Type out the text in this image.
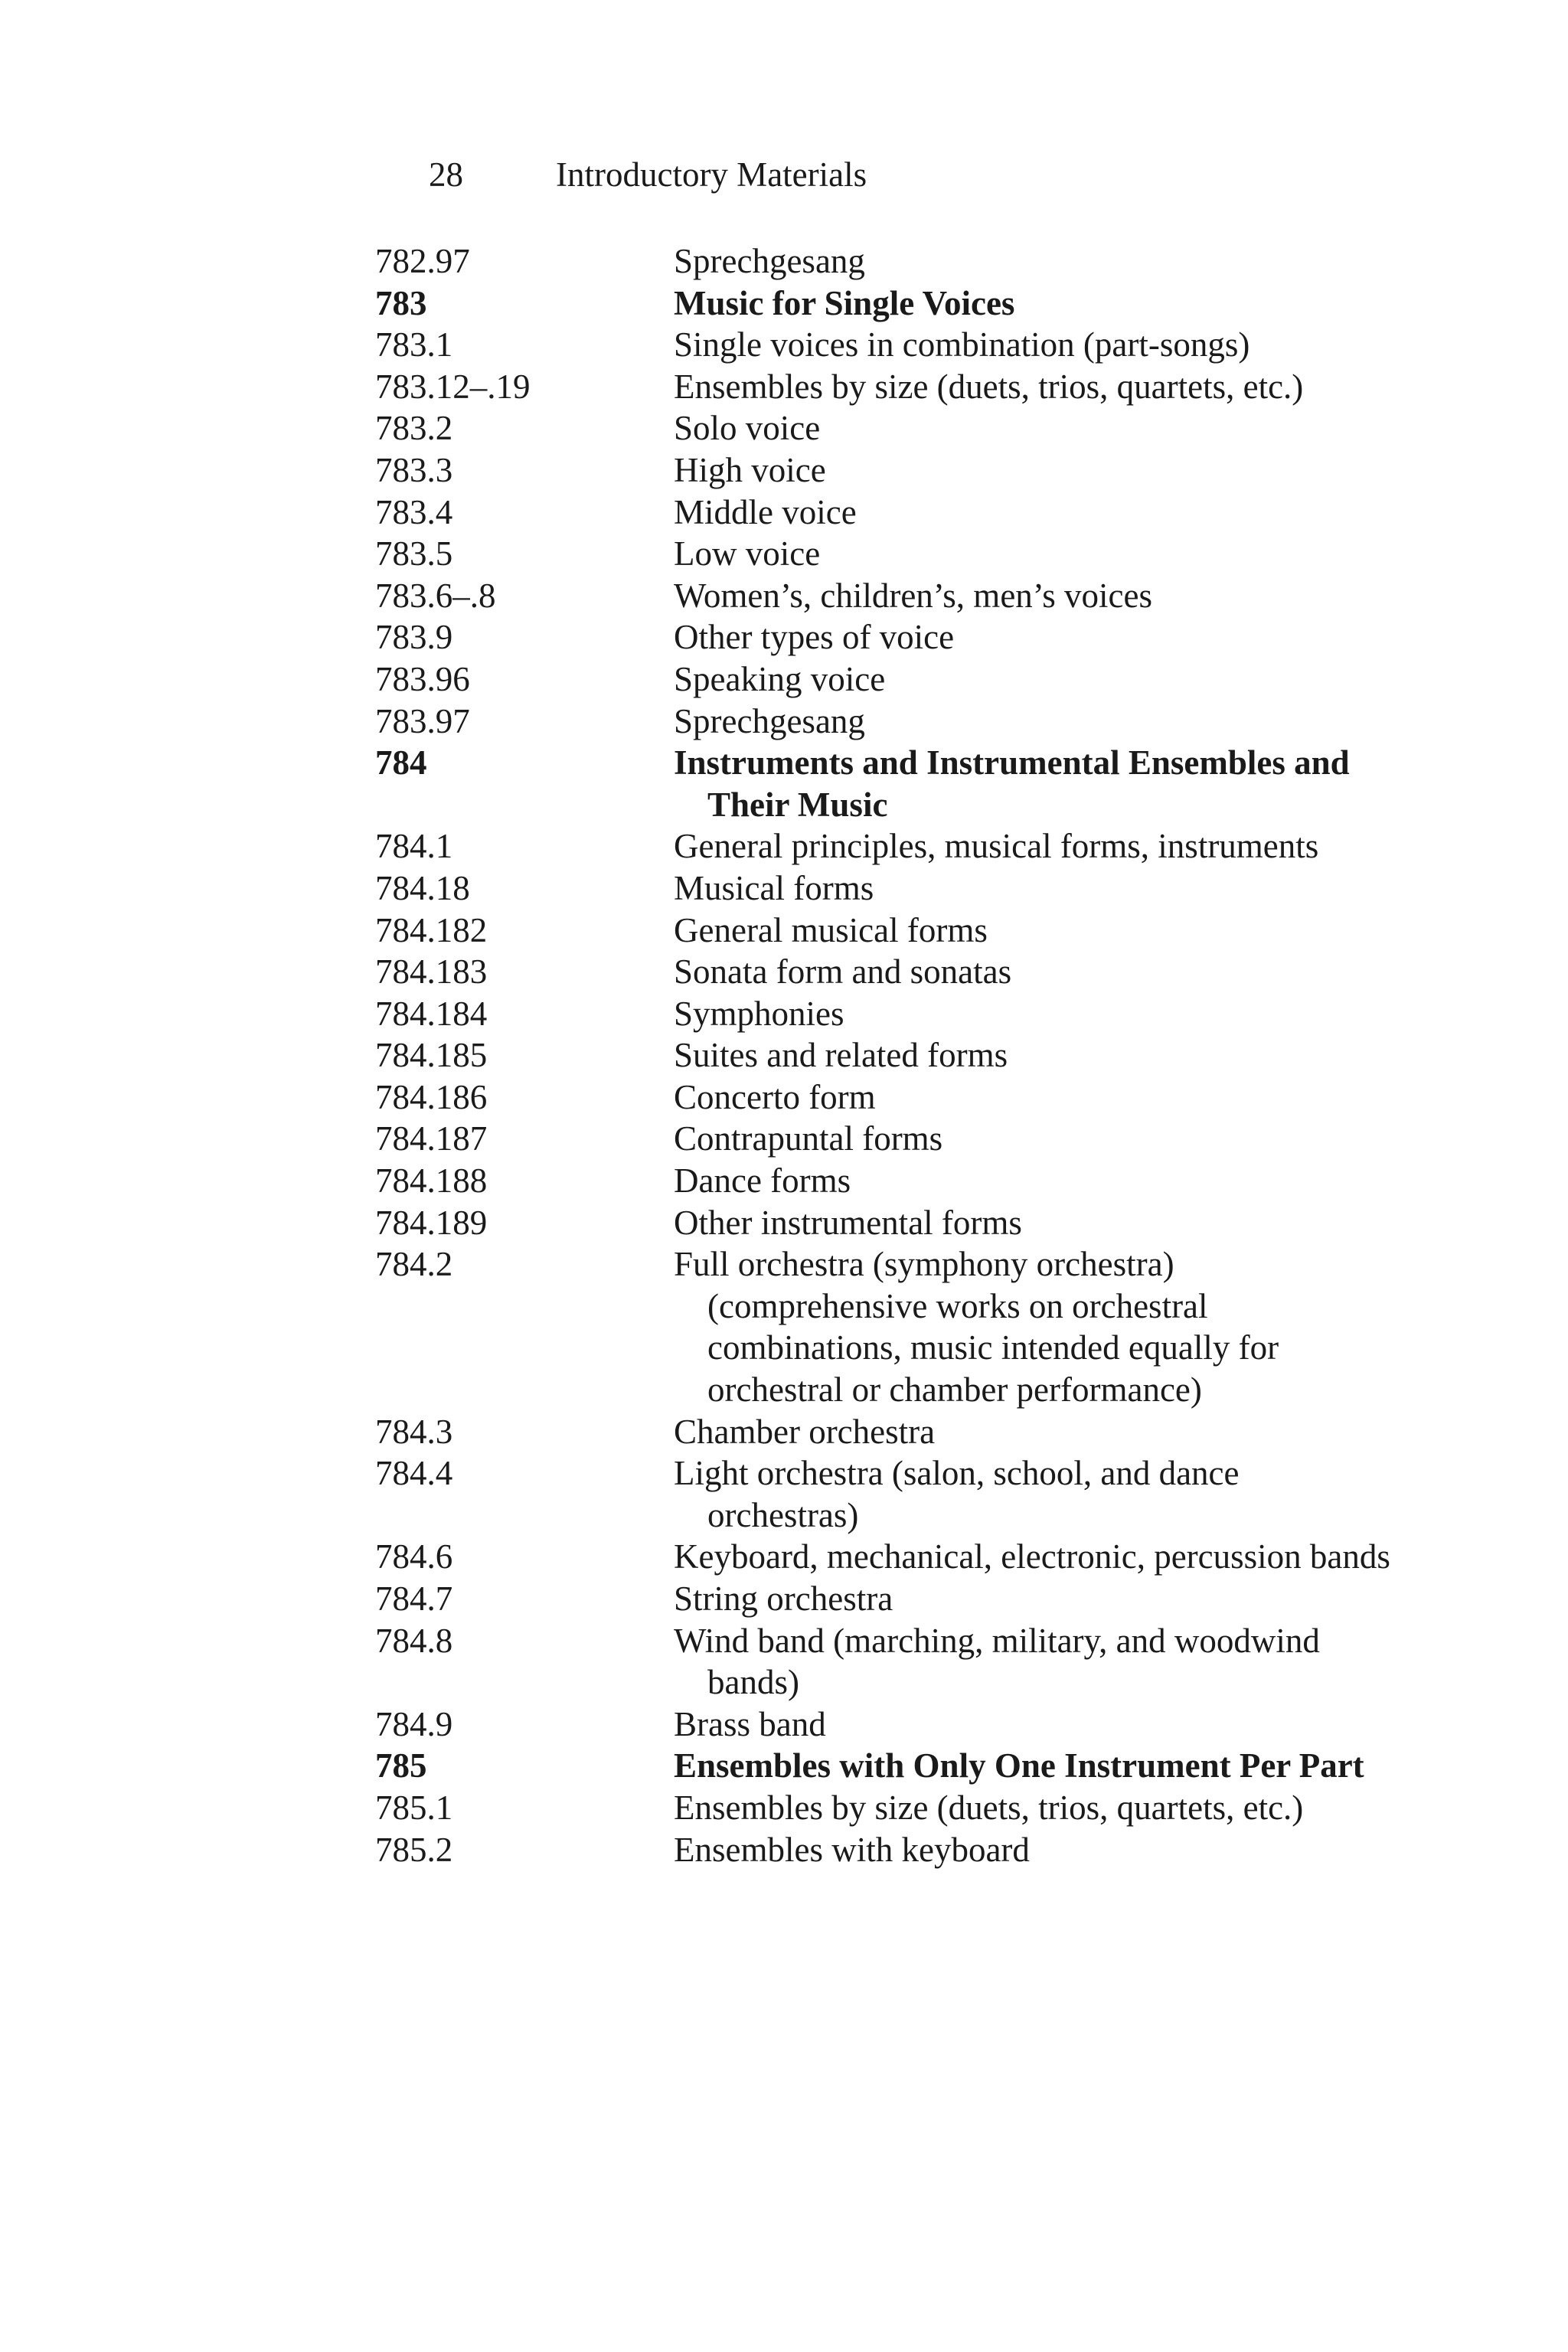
28	Introductory Materials
782.97	Sprechgesang
783	Music for Single Voices
783.1	Single voices in combination (part-songs)
783.12–.19	Ensembles by size (duets, trios, quartets, etc.)
783.2	Solo voice
783.3	High voice
783.4	Middle voice
783.5	Low voice
783.6–.8	Women’s, children’s, men’s voices
783.9	Other types of voice
783.96	Speaking voice
783.97	Sprechgesang
784	Instruments and Instrumental Ensembles and Their Music
784.1	General principles, musical forms, instruments
784.18	Musical forms
784.182	General musical forms
784.183	Sonata form and sonatas
784.184	Symphonies
784.185	Suites and related forms
784.186	Concerto form
784.187	Contrapuntal forms
784.188	Dance forms
784.189	Other instrumental forms
784.2	Full orchestra (symphony orchestra) (comprehensive works on orchestral combinations, music intended equally for orchestral or chamber performance)
784.3	Chamber orchestra
784.4	Light orchestra (salon, school, and dance orchestras)
784.6	Keyboard, mechanical, electronic, percussion bands
784.7	String orchestra
784.8	Wind band (marching, military, and woodwind bands)
784.9	Brass band
785	Ensembles with Only One Instrument Per Part
785.1	Ensembles by size (duets, trios, quartets, etc.)
785.2	Ensembles with keyboard
